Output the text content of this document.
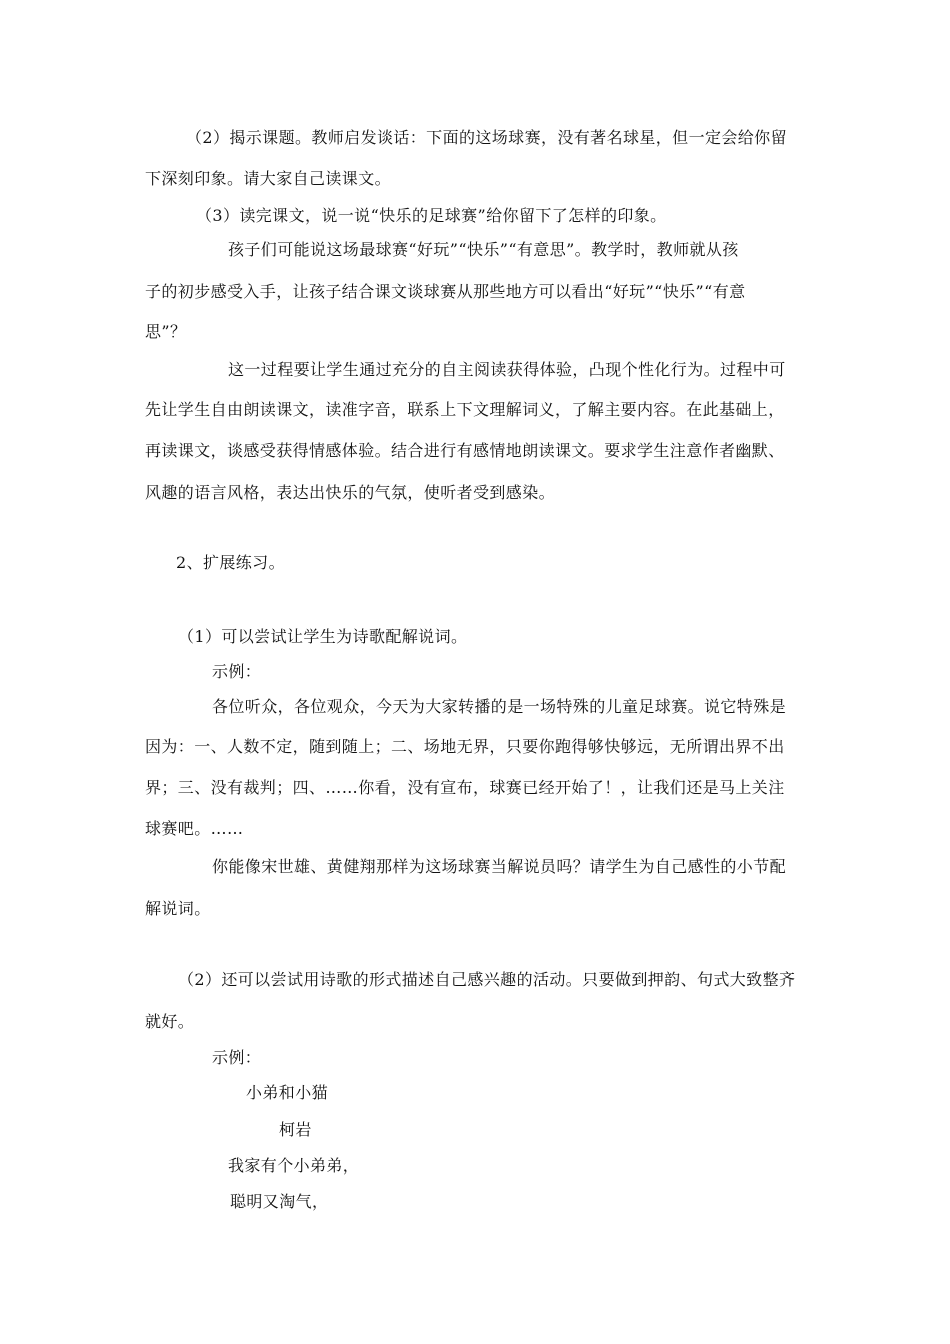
（2）揭示课题。教师启发谈话：下面的这场球赛，没有著名球星，但一定会给你留
下深刻印象。请大家自己读课文。
（3）读完课文，说一说“快乐的足球赛”给你留下了怎样的印象。
孩子们可能说这场最球赛“好玩”“快乐”“有意思”。教学时，教师就从孩
子的初步感受入手，让孩子结合课文谈球赛从那些地方可以看出“好玩”“快乐”“有意
思”？
这一过程要让学生通过充分的自主阅读获得体验，凸现个性化行为。过程中可
先让学生自由朗读课文，读准字音，联系上下文理解词义，了解主要内容。在此基础上，
再读课文，谈感受获得情感体验。结合进行有感情地朗读课文。要求学生注意作者幽默、
风趣的语言风格，表达出快乐的气氛，使听者受到感染。
2、扩展练习。
（1）可以尝试让学生为诗歌配解说词。
示例：
各位听众，各位观众，今天为大家转播的是一场特殊的儿童足球赛。说它特殊是
因为：一、人数不定，随到随上；二、场地无界，只要你跑得够快够远，无所谓出界不出
界；三、没有裁判；四、……你看，没有宣布，球赛已经开始了！，让我们还是马上关注
球赛吧。……
你能像宋世雄、黄健翔那样为这场球赛当解说员吗？请学生为自己感性的小节配
解说词。
（2）还可以尝试用诗歌的形式描述自己感兴趣的活动。只要做到押韵、句式大致整齐
就好。
示例：
小弟和小猫
柯岩
我家有个小弟弟，
聪明又淘气，
